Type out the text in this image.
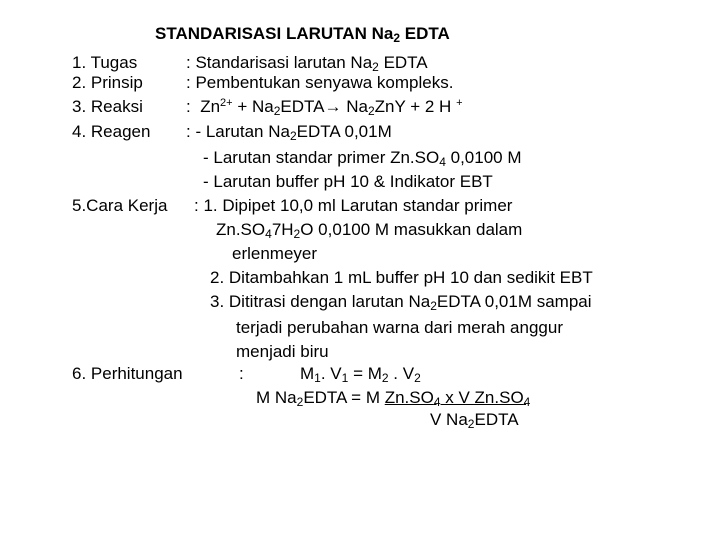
STANDARISASI LARUTAN $Na_2$ EDTA
1. Tugas	: Standarisasi larutan $Na_2$ EDTA
2. Prinsip	: Pembentukan senyawa kompleks.
3. Reaksi	: $Zn^{2+}$ + $Na_2EDTA\to Na_2ZnY + 2$ H +
4. Reagen : - Larutan $Na_2EDTA$ 0,01M
- Larutan standar primer $Zn.SO_4$ 0,0100 M
- Larutan buffer pH 10 & Indikator EBT
5.Cara Kerja : 1. Dipipet 10,0 ml Larutan standar primer
$Zn.SO_47H_2O$ 0,0100 M masukkan dalam
erlenmeyer
2. Ditambahkan 1 mL buffer pH 10 dan sedikit EBT
3. Dititrasi dengan larutan $Na_2EDTA$ 0,01M sampai
terjadi perubahan warna dari merah anggur
menjadi biru
6. Perhitungan	:	$M_1$. $V_1 = M_2$ . $V_2$
M $Na_2EDTA = M$ $Zn.SO_4$ x V $Zn.SO_4$
V $Na_2EDTA$
